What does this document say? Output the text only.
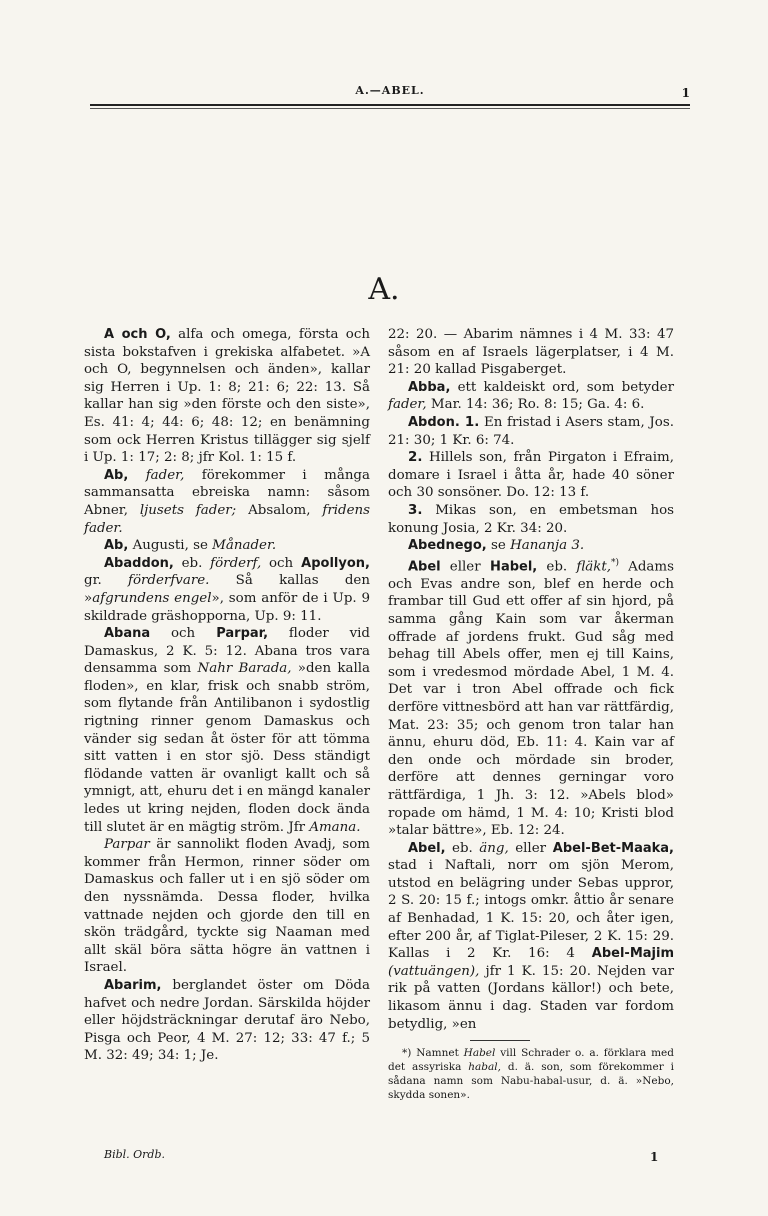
A.—ABEL.	1
A.

A och O, alfa och omega, första och sista bokstafven i grekiska alfabetet. »A och O, begynnelsen och änden», kallar sig Herren i Up. 1: 8; 21: 6; 22: 13. Så kallar han sig »den förste och den siste», Es. 41: 4; 44: 6; 48: 12; en benämning som ock Herren Kristus tillägger sig sjelf i Up. 1: 17; 2: 8; jfr Kol. 1: 15 f.

Ab, fader, förekommer i många sammansatta ebreiska namn: såsom Abner, ljusets fader; Absalom, fridens fader.

Ab, Augusti, se Månader.

Abaddon, eb. förderf, och Apollyon, gr. förderfvare. Så kallas den »afgrundens engel», som anför de i Up. 9 skildrade gräshopporna, Up. 9: 11.

Abana och Parpar, floder vid Damaskus, 2 K. 5: 12. Abana tros vara densamma som Nahr Barada, »den kalla floden», en klar, frisk och snabb ström, som flytande från Antilibanon i sydostlig rigtning rinner genom Damaskus och vänder sig sedan åt öster för att tömma sitt vatten i en stor sjö. Dess ständigt flödande vatten är ovanligt kallt och så ymnigt, att, ehuru det i en mängd kanaler ledes ut kring nejden, floden dock ända till slutet är en mägtig ström. Jfr Amana.

Parpar är sannolikt floden Avadj, som kommer från Hermon, rinner söder om Damaskus och faller ut i en sjö söder om den nyssnämda. Dessa floder, hvilka vattnade nejden och gjorde den till en skön trädgård, tyckte sig Naaman med allt skäl böra sätta högre än vattnen i Israel.

Abarim, berglandet öster om Döda hafvet och nedre Jordan. Särskilda höjder eller höjdsträckningar derutaf äro Nebo, Pisga och Peor, 4 M. 27: 12; 33: 47 f.; 5 M. 32: 49; 34: 1; Je.

22: 20. — Abarim nämnes i 4 M. 33: 47 såsom en af Israels lägerplatser, i 4 M. 21: 20 kallad Pisgaberget.

Abba, ett kaldeiskt ord, som betyder fader, Mar. 14: 36; Ro. 8: 15; Ga. 4: 6.

Abdon. 1. En fristad i Asers stam, Jos. 21: 30; 1 Kr. 6: 74.

2. Hillels son, från Pirgaton i Efraim, domare i Israel i åtta år, hade 40 söner och 30 sonsöner. Do. 12: 13 f.

3. Mikas son, en embetsman hos konung Josia, 2 Kr. 34: 20.

Abednego, se Hananja 3.

Abel eller Habel, eb. fläkt,*) Adams och Evas andre son, blef en herde och frambar till Gud ett offer af sin hjord, på samma gång Kain som var åkerman offrade af jordens frukt. Gud såg med behag till Abels offer, men ej till Kains, som i vredesmod mördade Abel, 1 M. 4. Det var i tron Abel offrade och fick derföre vittnesbörd att han var rättfärdig, Mat. 23: 35; och genom tron talar han ännu, ehuru död, Eb. 11: 4. Kain var af den onde och mördade sin broder, derföre att dennes gerningar voro rättfärdiga, 1 Jh. 3: 12. »Abels blod» ropade om hämd, 1 M. 4: 10; Kristi blod »talar bättre», Eb. 12: 24.

Abel, eb. äng, eller Abel-Bet-Maaka, stad i Naftali, norr om sjön Merom, utstod en belägring under Sebas uppror, 2 S. 20: 15 f.; intogs omkr. åttio år senare af Benhadad, 1 K. 15: 20, och åter igen, efter 200 år, af Tiglat-Pileser, 2 K. 15: 29. Kallas i 2 Kr. 16: 4 Abel-Majim (vattuängen), jfr 1 K. 15: 20. Nejden var rik på vatten (Jordans källor!) och bete, likasom ännu i dag. Staden var fordom betydlig, »en

*) Namnet Habel vill Schrader o. a. förklara med det assyriska habal, d. ä. son, som förekommer i sådana namn som Nabu-habal-usur, d. ä. »Nebo, skydda sonen».

Bibl. Ordb.	1
